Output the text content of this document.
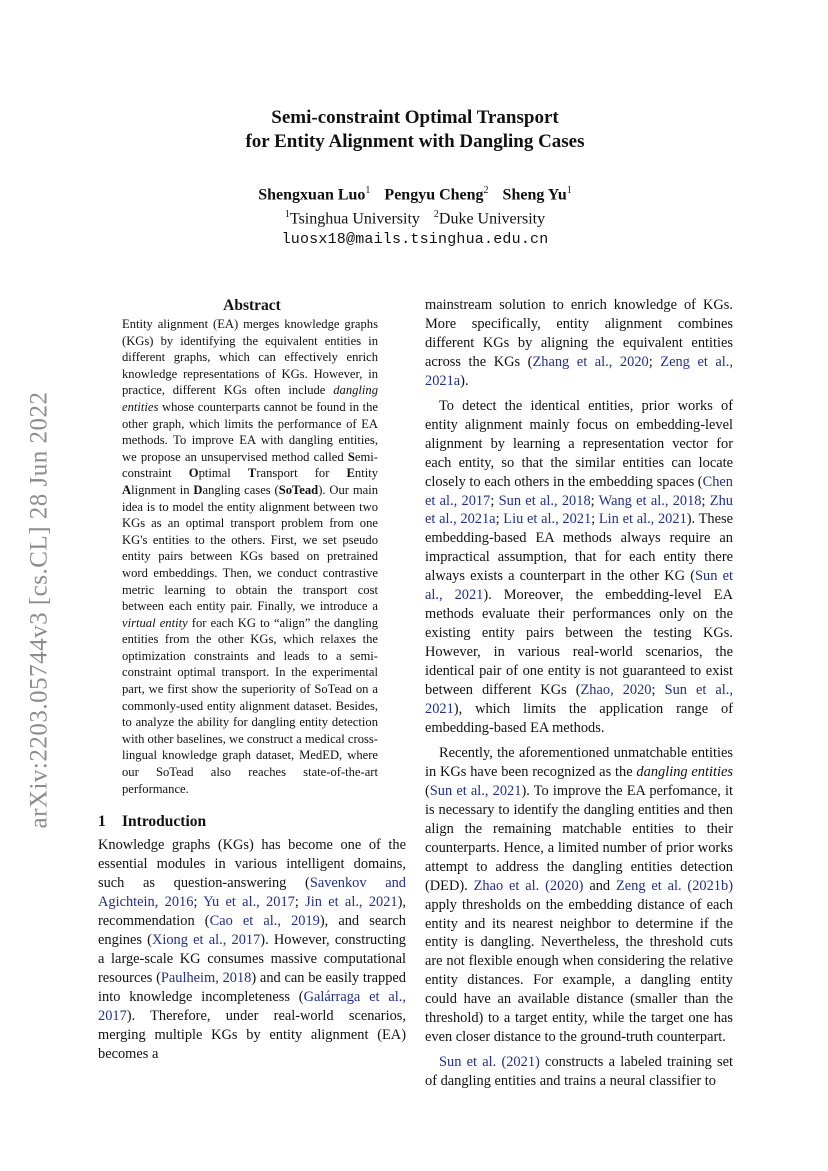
arXiv:2203.05744v3 [cs.CL] 28 Jun 2022
Semi-constraint Optimal Transport
for Entity Alignment with Dangling Cases
Shengxuan Luo$^1$ Pengyu Cheng$^2$ Sheng Yu$^1$
$^1$Tsinghua University $^2$Duke University
luosx18@mails.tsinghua.edu.cn
Abstract
Entity alignment (EA) merges knowledge graphs (KGs) by identifying the equivalent entities in different graphs, which can effectively enrich knowledge representations of KGs. However, in practice, different KGs often include dangling entities whose counterparts cannot be found in the other graph, which limits the performance of EA methods. To improve EA with dangling entities, we propose an unsupervised method called Semi-constraint Optimal Transport for Entity Alignment in Dangling cases (SoTead). Our main idea is to model the entity alignment between two KGs as an optimal transport problem from one KG's entities to the others. First, we set pseudo entity pairs between KGs based on pretrained word embeddings. Then, we conduct contrastive metric learning to obtain the transport cost between each entity pair. Finally, we introduce a virtual entity for each KG to “align” the dangling entities from the other KGs, which relaxes the optimization constraints and leads to a semi-constraint optimal transport. In the experimental part, we first show the superiority of SoTead on a commonly-used entity alignment dataset. Besides, to analyze the ability for dangling entity detection with other baselines, we construct a medical cross-lingual knowledge graph dataset, MedED, where our SoTead also reaches state-of-the-art performance.
1 Introduction

Knowledge graphs (KGs) has become one of the essential modules in various intelligent domains, such as question-answering (Savenkov and Agichtein, 2016; Yu et al., 2017; Jin et al., 2021), recommendation (Cao et al., 2019), and search engines (Xiong et al., 2017). However, constructing a large-scale KG consumes massive computational resources (Paulheim, 2018) and can be easily trapped into knowledge incompleteness (Galárraga et al., 2017). Therefore, under real-world scenarios, merging multiple KGs by entity alignment (EA) becomes a

mainstream solution to enrich knowledge of KGs. More specifically, entity alignment combines different KGs by aligning the equivalent entities across the KGs (Zhang et al., 2020; Zeng et al., 2021a).

To detect the identical entities, prior works of entity alignment mainly focus on embedding-level alignment by learning a representation vector for each entity, so that the similar entities can locate closely to each others in the embedding spaces (Chen et al., 2017; Sun et al., 2018; Wang et al., 2018; Zhu et al., 2021a; Liu et al., 2021; Lin et al., 2021). These embedding-based EA methods always require an impractical assumption, that for each entity there always exists a counterpart in the other KG (Sun et al., 2021). Moreover, the embedding-level EA methods evaluate their performances only on the existing entity pairs between the testing KGs. However, in various real-world scenarios, the identical pair of one entity is not guaranteed to exist between different KGs (Zhao, 2020; Sun et al., 2021), which limits the application range of embedding-based EA methods.

Recently, the aforementioned unmatchable entities in KGs have been recognized as the dangling entities (Sun et al., 2021). To improve the EA perfomance, it is necessary to identify the dangling entities and then align the remaining matchable entities to their counterparts. Hence, a limited number of prior works attempt to address the dangling entities detection (DED). Zhao et al. (2020) and Zeng et al. (2021b) apply thresholds on the embedding distance of each entity and its nearest neighbor to determine if the entity is dangling. Nevertheless, the threshold cuts are not flexible enough when considering the relative entity distances. For example, a dangling entity could have an available distance (smaller than the threshold) to a target entity, while the target one has even closer distance to the ground-truth counterpart.

Sun et al. (2021) constructs a labeled training set of dangling entities and trains a neural classifier to
